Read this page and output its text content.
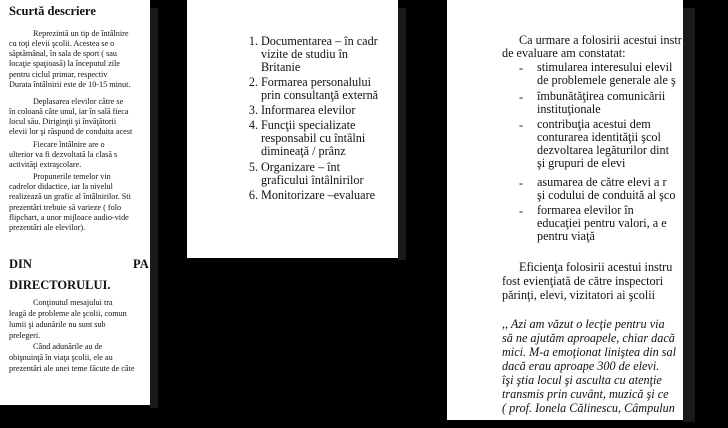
Scurtă descriere
Reprezintă un tip de întâlnire
cu toţi elevii şcolii. Acestea se o
săptămânal, în sala de sport ( sau
locaţie spaţioasă) la începutul zile
pentru ciclul primar, respectiv
Durata întâlnirii este de 10-15 minut.
Deplasarea elevilor către se
în coloană câte unul, iar în sală fieca
locul său. Diriginţii şi învăţătorii
elevii lor şi răspund de conduita acest
Fiecare întâlnire are o
ulterior va fi dezvoltată la clasă s
activităţi extraşcolare.
Propunerile temelor vin
cadrelor didactice, iar la nivelul
realizează un grafic al întâlnirilor. Sti
prezentări trebuie să varieze ( folo
flipchart, a unor mijloace audio-vide
prezentări ale elevilor).
DIN	PA
DIRECTORULUI.
Conţinutul mesajului tra
leagă de probleme ale şcolii, comun
lumii şi adunările nu sunt sub
prelegeri.
Când adunările au de
obişnuinţă în viaţa şcolii, ele au
prezentări ale unei teme făcute de câte
1. Documentarea – în cadr
vizite de studiu în
Britanie
2. Formarea personalului
prin consultanţă externă
3. Informarea elevilor
4. Funcţii specializate
responsabil cu întâlni
dimineaţă / prânz
5. Organizare – înt
graficului întâlnirilor
6. Monitorizare –evaluare
Ca urmare a folosirii acestui instr
de evaluare am constatat:
- stimularea interesului elevil
de problemele generale ale ş
- îmbunătăţirea comunicării
instituţionale
- contribuţia acestui dem
conturarea identităţii şcol
dezvoltarea legăturilor dint
şi grupuri de elevi
- asumarea de către elevi a r
şi codului de conduită al şco
- formarea elevilor în
educaţiei pentru valori, a e
pentru viaţă
Eficienţa folosirii acestui instru
fost evienţiată de către inspectori
părinţi, elevi, vizitatori ai şcolii
,, Azi am văzut o lecţie pentru via
să ne ajutăm aproapele, chiar dacă
mici. M-a emoţionat liniştea din sal
dacă erau aproape 300 de elevi.
îşi ştia locul şi asculta cu atenţie
transmis prin cuvânt, muzică şi ce
( prof. Ionela Călinescu, Câmpulun
